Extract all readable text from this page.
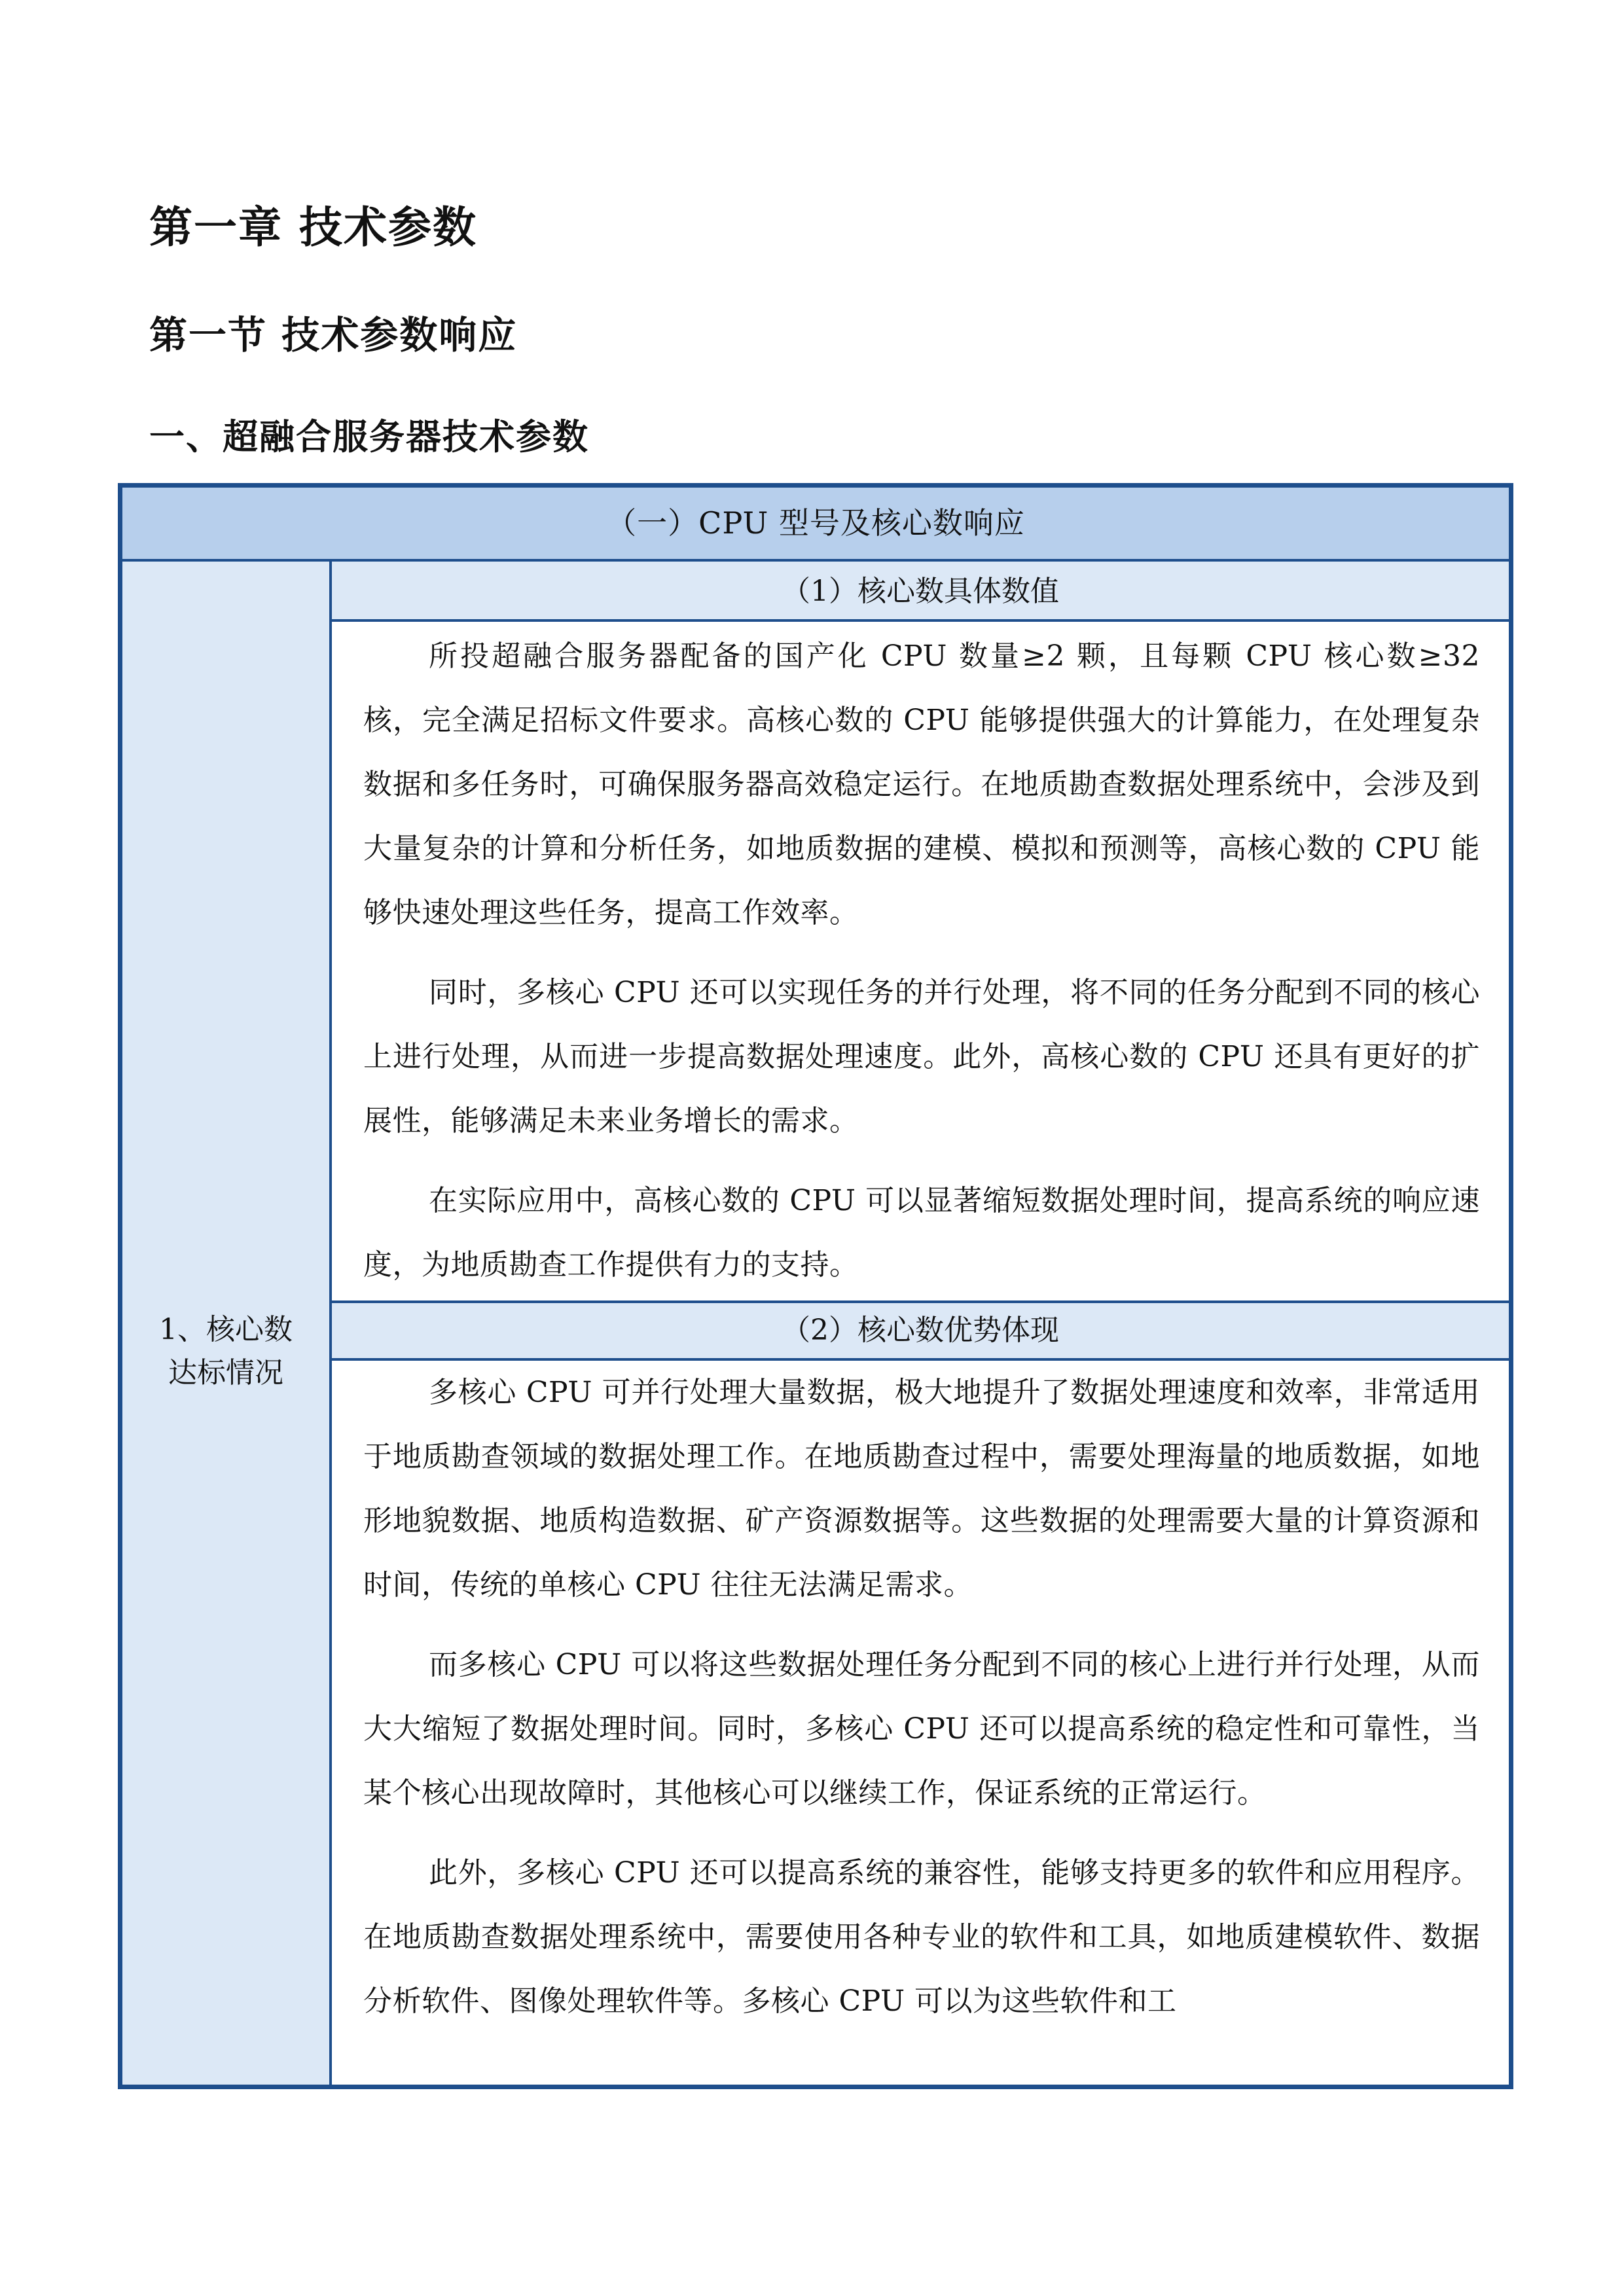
第一章 技术参数
第一节 技术参数响应
一、超融合服务器技术参数
（一）CPU 型号及核心数响应
1、核心数
达标情况
（1）核心数具体数值

所投超融合服务器配备的国产化 CPU 数量≥2 颗，且每颗 CPU 核心数≥32 核，完全满足招标文件要求。高核心数的 CPU 能够提供强大的计算能力，在处理复杂数据和多任务时，可确保服务器高效稳定运行。在地质勘查数据处理系统中，会涉及到大量复杂的计算和分析任务，如地质数据的建模、模拟和预测等，高核心数的 CPU 能够快速处理这些任务，提高工作效率。

同时，多核心 CPU 还可以实现任务的并行处理，将不同的任务分配到不同的核心上进行处理，从而进一步提高数据处理速度。此外，高核心数的 CPU 还具有更好的扩展性，能够满足未来业务增长的需求。

在实际应用中，高核心数的 CPU 可以显著缩短数据处理时间，提高系统的响应速度，为地质勘查工作提供有力的支持。

（2）核心数优势体现

多核心 CPU 可并行处理大量数据，极大地提升了数据处理速度和效率，非常适用于地质勘查领域的数据处理工作。在地质勘查过程中，需要处理海量的地质数据，如地形地貌数据、地质构造数据、矿产资源数据等。这些数据的处理需要大量的计算资源和时间，传统的单核心 CPU 往往无法满足需求。

而多核心 CPU 可以将这些数据处理任务分配到不同的核心上进行并行处理，从而大大缩短了数据处理时间。同时，多核心 CPU 还可以提高系统的稳定性和可靠性，当某个核心出现故障时，其他核心可以继续工作，保证系统的正常运行。

此外，多核心 CPU 还可以提高系统的兼容性，能够支持更多的软件和应用程序。在地质勘查数据处理系统中，需要使用各种专业的软件和工具，如地质建模软件、数据分析软件、图像处理软件等。多核心 CPU 可以为这些软件和工
